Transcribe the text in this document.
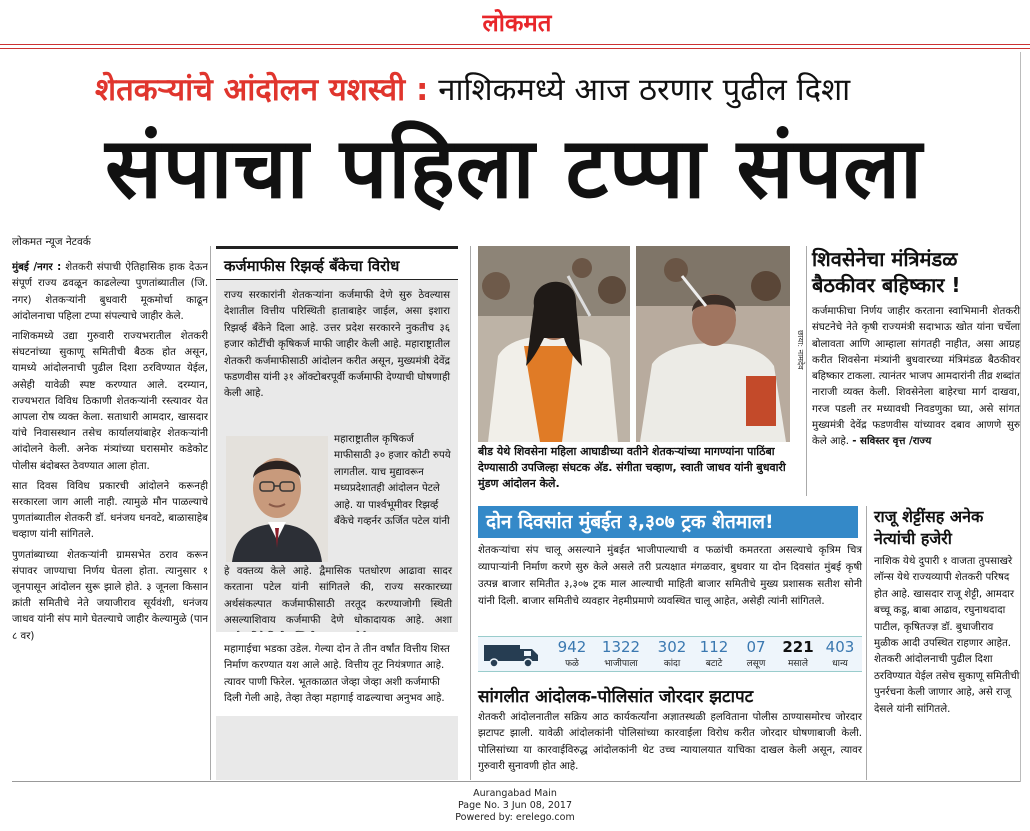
लोकमत
शेतकऱ्यांचे आंदोलन यशस्वी : नाशिकमध्ये आज ठरणार पुढील दिशा
संपाचा पहिला टप्पा संपला
लोकमत न्यूज नेटवर्क

मुंबई /नगर : शेतकरी संपाची ऐतिहासिक हाक देऊन संपूर्ण राज्य ढवळून काढलेल्या पुणतांब्यातील (जि. नगर) शेतकऱ्यांनी बुधवारी मूकमोर्चा काढून आंदोलनाचा पहिला टप्पा संपल्याचे जाहीर केले.

नाशिकमध्ये उद्या गुरुवारी राज्यभरातील शेतकरी संघटनांच्या सुकाणू समितीची बैठक होत असून, यामध्ये आंदोलनाची पुढील दिशा ठरविण्यात येईल, असेही यावेळी स्पष्ट करण्यात आले. दरम्यान, राज्यभरात विविध ठिकाणी शेतकऱ्यांनी रस्त्यावर येत आपला रोष व्यक्त केला. सताधारी आमदार, खासदार यांचे निवासस्थान तसेच कार्यालयांबाहेर शेतकऱ्यांनी आंदोलने केली. अनेक मंत्र्यांच्या घरासमोर कडेकोट पोलीस बंदोबस्त ठेवण्यात आला होता.

सात दिवस विविध प्रकारची आंदोलने करूनही सरकारला जाग आली नाही. त्यामुळे मौन पाळल्याचे पुणतांब्यातील शेतकरी डॉ. धनंजय धनवटे, बाळासाहेब चव्हाण यांनी सांगितले.

पुणतांब्याच्या शेतकऱ्यांनी ग्रामसभेत ठराव करून संपावर जाण्याचा निर्णय घेतला होता. त्यानुसार १ जूनपासून आंदोलन सुरू झाले होते. ३ जूनला किसान क्रांती समितीचे नेते जयाजीराव सूर्यवंशी, धनंजय जाधव यांनी संप मागे घेतल्याचे जाहीर केल्यामुळे (पान ८ वर)

कर्जमाफीस रिझर्व्ह बँकेचा विरोध
राज्य सरकारांनी शेतकऱ्यांना कर्जमाफी देणे सुरु ठेवल्यास देशातील वित्तीय परिस्थिती हाताबाहेर जाईल, असा इशारा रिझर्व्ह बँकेने दिला आहे. उत्तर प्रदेश सरकारने नुकतीच ३६ हजार कोटींची कृषिकर्ज माफी जाहीर केली आहे. महाराष्ट्रातील शेतकरी कर्जमाफीसाठी आंदोलन करीत असून, मुख्यमंत्री देवेंद्र फडणवीस यांनी ३१ ऑक्टोबरपूर्वी कर्जमाफी देण्याची घोषणाही केली आहे.
महाराष्ट्रातील कृषिकर्ज माफीसाठी ३० हजार कोटी रुपये लागतील. याच मुद्यावरून मध्यप्रदेशातही आंदोलन पेटले आहे. या पार्श्वभूमीवर रिझर्व्ह बँकेचे गव्हर्नर ऊर्जित पटेल यांनी
हे वक्तव्य केले आहे. द्वैमासिक पतधोरण आढावा सादर करताना पटेल यांनी सांगितले की, राज्य सरकारच्या अर्थसंकल्पात कर्जमाफीसाठी तरतूद करण्याजोगी स्थिती असल्याशिवाय कर्जमाफी देणे धोकादायक आहे. अशा
महागाईचा भडका उडेल. गेल्या दोन ते तीन वर्षांत वित्तीय शिस्त निर्माण करण्यात यश आले आहे. वित्तीय तूट नियंत्रणात आहे. त्यावर पाणी फिरेल. भूतकाळात जेव्हा जेव्हा अशी कर्जमाफी दिली गेली आहे, तेव्हा तेव्हा महागाई वाढल्याचा अनुभव आहे.
छाया: नामदेव
बीड येथे शिवसेना महिला आघाडीच्या वतीने शेतकऱ्यांच्या मागण्यांना पाठिंबा देण्यासाठी उपजिल्हा संघटक अ‍ॅड. संगीता चव्हाण, स्वाती जाधव यांनी बुधवारी मुंडण आंदोलन केले.
शिवसेनेचा मंत्रिमंडळ बैठकीवर बहिष्कार !
कर्जमाफीचा निर्णय जाहीर करताना स्वाभिमानी शेतकरी संघटनेचे नेते कृषी राज्यमंत्री सदाभाऊ खोत यांना चर्चेला बोलावता आणि आम्हाला सांगतही नाहीत, असा आग्रह करीत शिवसेना मंत्र्यांनी बुधवारच्या मंत्रिमंडळ बैठकीवर बहिष्कार टाकला. त्यानंतर भाजप आमदारांनी तीव्र शब्दांत नाराजी व्यक्त केली. शिवसेनेला बाहेरचा मार्ग दाखवा, गरज पडली तर मध्यावधी निवडणुका घ्या, असे सांगत मुख्यमंत्री देवेंद्र फडणवीस यांच्यावर दबाव आणणे सुरु केले आहे. - सविस्तर वृत्त /राज्य
दोन दिवसांत मुंबईत ३,३०७ ट्रक शेतमाल!
शेतकऱ्यांचा संप चालू असल्याने मुंबईत भाजीपाल्याची व फळांची कमतरता असल्याचे कृत्रिम चित्र व्यापाऱ्यांनी निर्माण करणे सुरु केले असले तरी प्रत्यक्षात मंगळवार, बुधवार या दोन दिवसांत मुंबई कृषी उत्पन्न बाजार समितीत ३,३०७ ट्रक माल आल्याची माहिती बाजार समितीचे मुख्य प्रशासक सतीश सोनी यांनी दिली. बाजार समितीचे व्यवहार नेहमीप्रमाणे व्यवस्थित चालू आहेत, असेही त्यांनी सांगितले.
942
फळे
1322
भाजीपाला
302
कांदा
112
बटाटे
07
लसूण
221
मसाले
403
धान्य
सांगलीत आंदोलक-पोलिसांत जोरदार झटापट
शेतकरी आंदोलनातील सक्रिय आठ कार्यकर्त्यांना अज्ञातस्थळी हलविताना पोलीस ठाण्यासमोरच जोरदार झटापट झाली. यावेळी आंदोलकांनी पोलिसांच्या कारवाईला विरोध करीत जोरदार घोषणाबाजी केली. पोलिसांच्या या कारवाईविरुद्ध आंदोलकांनी थेट उच्च न्यायालयात याचिका दाखल केली असून, त्यावर गुरुवारी सुनावणी होत आहे.
राजू शेट्टींसह अनेक नेत्यांची हजेरी
नाशिक येथे दुपारी १ वाजता तुपसाखरे लॉन्स येथे राज्यव्यापी शेतकरी परिषद होत आहे. खासदार राजू शेट्टी, आमदार बच्चू कडू, बाबा आढाव, रघुनाथदादा पाटील, कृषितज्ज्ञ डॉ. बुधाजीराव मुळीक आदी उपस्थित राहणार आहेत. शेतकरी आंदोलनाची पुढील दिशा ठरविण्यात येईल तसेच सुकाणू समितीची पुनर्रचना केली जाणार आहे, असे राजू देसले यांनी सांगितले.
Aurangabad Main
Page No. 3 Jun 08, 2017
Powered by: erelego.com
